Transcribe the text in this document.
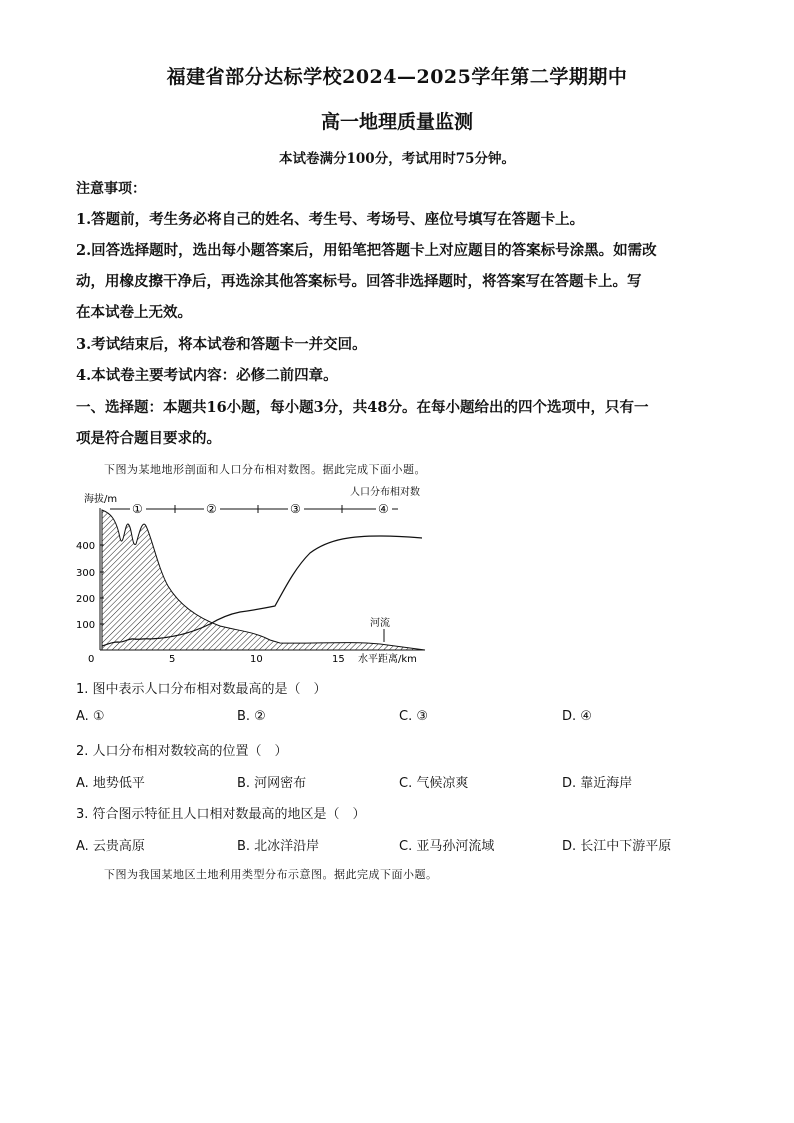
福建省部分达标学校2024—2025学年第二学期期中
高一地理质量监测
本试卷满分100分，考试用时75分钟。
注意事项：
1.答题前，考生务必将自己的姓名、考生号、考场号、座位号填写在答题卡上。
2.回答选择题时，选出每小题答案后，用铅笔把答题卡上对应题目的答案标号涂黑。如需改
动，用橡皮擦干净后，再选涂其他答案标号。回答非选择题时，将答案写在答题卡上。写
在本试卷上无效。
3.考试结束后，将本试卷和答题卡一并交回。
4.本试卷主要考试内容：必修二前四章。
一、选择题：本题共16小题，每小题3分，共48分。在每小题给出的四个选项中，只有一
项是符合题目要求的。
下图为某地地形剖面和人口分布相对数图。据此完成下面小题。
400
300
200
100
0	5	10	15
海拔/m
水平距离/km
人口分布相对数
①	②	③	④
河流
1. 图中表示人口分布相对数最高的是（　）
A. ①	B. ②	C. ③	D. ④
2. 人口分布相对数较高的位置（　）
A. 地势低平	B. 河网密布	C. 气候凉爽	D. 靠近海岸
3. 符合图示特征且人口相对数最高的地区是（　）
A. 云贵高原	B. 北冰洋沿岸	C. 亚马孙河流域	D. 长江中下游平原
下图为我国某地区土地利用类型分布示意图。据此完成下面小题。
